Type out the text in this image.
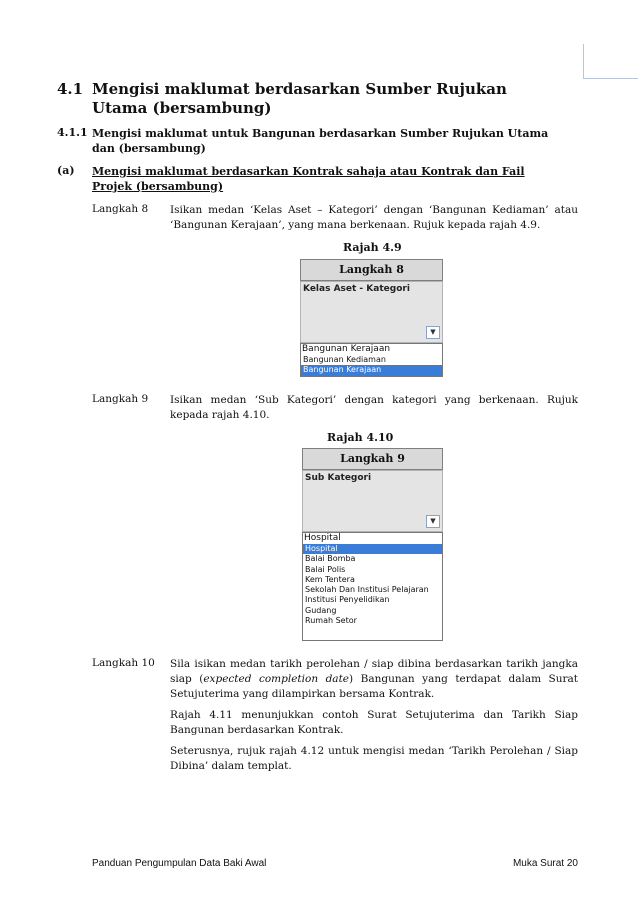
4.1 Mengisi maklumat berdasarkan Sumber Rujukan Utama (bersambung)
4.1.1 Mengisi maklumat untuk Bangunan berdasarkan Sumber Rujukan Utama dan (bersambung)
(a) Mengisi maklumat berdasarkan Kontrak sahaja atau Kontrak dan Fail Projek (bersambung)
Langkah 8 Isikan medan ‘Kelas Aset – Kategori’ dengan ‘Bangunan Kediaman’ atau ‘Bangunan Kerajaan’, yang mana berkenaan. Rujuk kepada rajah 4.9.
Rajah 4.9
Langkah 8
Kelas Aset - Kategori
▼
Bangunan Kerajaan
Bangunan Kediaman
Bangunan Kerajaan
Langkah 9 Isikan medan ‘Sub Kategori’ dengan kategori yang berkenaan. Rujuk kepada rajah 4.10.
Rajah 4.10
Langkah 9
Sub Kategori
▼
Hospital
Hospital
Balai Bomba
Balai Polis
Kem Tentera
Sekolah Dan Institusi Pelajaran
Institusi Penyelidikan
Gudang
Rumah Setor
Langkah 10 Sila isikan medan tarikh perolehan / siap dibina berdasarkan tarikh jangka siap (expected completion date) Bangunan yang terdapat dalam Surat Setujuterima yang dilampirkan bersama Kontrak.
Rajah 4.11 menunjukkan contoh Surat Setujuterima dan Tarikh Siap Bangunan berdasarkan Kontrak.
Seterusnya, rujuk rajah 4.12 untuk mengisi medan ‘Tarikh Perolehan / Siap Dibina’ dalam templat.
Panduan Pengumpulan Data Baki Awal	Muka Surat 20
